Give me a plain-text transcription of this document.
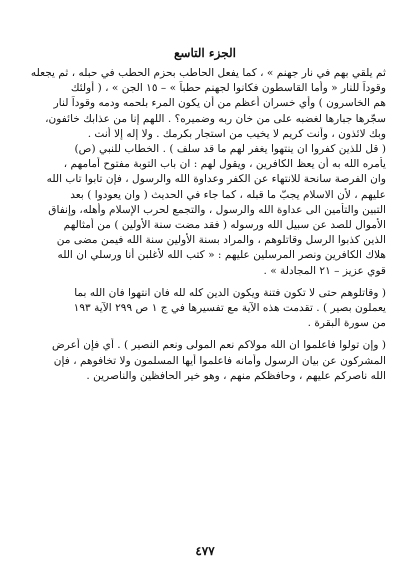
الجزء التاسع
ثم يلقي بهم في نار جهنم » ، كما يفعل الحاطب بحزم الحطب في حبله ، ثم يجعله
وقوداً للنار « وأما القاسطون فكانوا لجهنم حطباً » – ١٥ الجن » ، ( أولئك
هم الخاسرون ) وأي خسران أعظم من أن يكون المرء بلحمه ودمه وقوداً لنار
سجّرها جبارها لغضبه على من خان ربه وضميره؟ . اللهم إنا من عذابك خائفون،
وبك لائذون ، وأنت كريم لا يخيب من استجار بكرمك . ولا إله إلا أنت .
( قل للذين كفروا ان ينتهوا يغفر لهم ما قد سلف ) . الخطاب للنبي (ص)
يأمره الله به أن يعظ الكافرين ، ويقول لهم : ان باب التوبة مفتوح أمامهم ،
وان الفرصة سانحة للانتهاء عن الكفر وعداوة الله والرسول ، فإن تابوا تاب الله
عليهم ، لأن الاسلام يجبّ ما قبله ، كما جاء في الحديث ( وان يعودوا ) بعد
التبين والتأمين الى عداوة الله والرسول ، والتجمع لحرب الإسلام وأهله، وإنفاق
الأموال للصد عن سبيل الله ورسوله ( فقد مضت سنة الأولين ) من أمثالهم
الذين كذبوا الرسل وقاتلوهم ، والمراد بسنة الأولين سنة الله فيمن مضى من
هلاك الكافرين ونصر المرسلين عليهم : « كتب الله لأغلبن أنا ورسلي ان الله
قوي عزيز – ٢١ المجادلة » .
( وقاتلوهم حتى لا تكون فتنة ويكون الدين كله لله فان انتهوا فان الله بما
يعملون بصير ) . تقدمت هذه الآية مع تفسيرها في ج ١ ص ٢٩٩ الآية ١٩٣
من سورة البقرة .
( وإن تولوا فاعلموا ان الله مولاكم نعم المولى ونعم النصير ) . أي فإن أعرض
المشركون عن بيان الرسول وأمانه فاعلموا أيها المسلمون ولا تخافوهم ، فإن
الله ناصركم عليهم ، وحافظكم منهم ، وهو خير الحافظين والناصرين .
٤٧٧
